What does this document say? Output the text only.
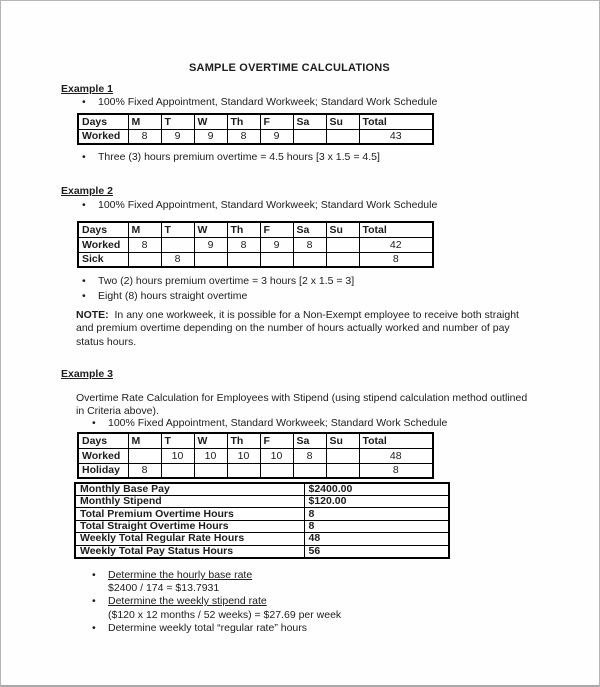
SAMPLE OVERTIME CALCULATIONS
Example 1
•	100% Fixed Appointment, Standard Workweek; Standard Work Schedule
Days	M	T	W	Th	F	Sa	Su	Total
Worked	8	9	9	8	9			43
•	Three (3) hours premium overtime = 4.5 hours [3 x 1.5 = 4.5]
Example 2
•	100% Fixed Appointment, Standard Workweek; Standard Work Schedule
Days	M	T	W	Th	F	Sa	Su	Total
Worked	8		9	8	9	8		42
Sick		8						8
•	Two (2) hours premium overtime = 3 hours [2 x 1.5 = 3]
•	Eight (8) hours straight overtime
NOTE: In any one workweek, it is possible for a Non-Exempt employee to receive both straight
and premium overtime depending on the number of hours actually worked and number of pay
status hours.
Example 3
Overtime Rate Calculation for Employees with Stipend (using stipend calculation method outlined
in Criteria above).
•	100% Fixed Appointment, Standard Workweek; Standard Work Schedule
Days	M	T	W	Th	F	Sa	Su	Total
Worked		10	10	10	10	8		48
Holiday	8							8
Monthly Base Pay	$2400.00
Monthly Stipend	$120.00
Total Premium Overtime Hours	8
Total Straight Overtime Hours	8
Weekly Total Regular Rate Hours	48
Weekly Total Pay Status Hours	56
•	Determine the hourly base rate
$2400 / 174 = $13.7931
•	Determine the weekly stipend rate
($120 x 12 months / 52 weeks) = $27.69 per week
•	Determine weekly total “regular rate” hours
